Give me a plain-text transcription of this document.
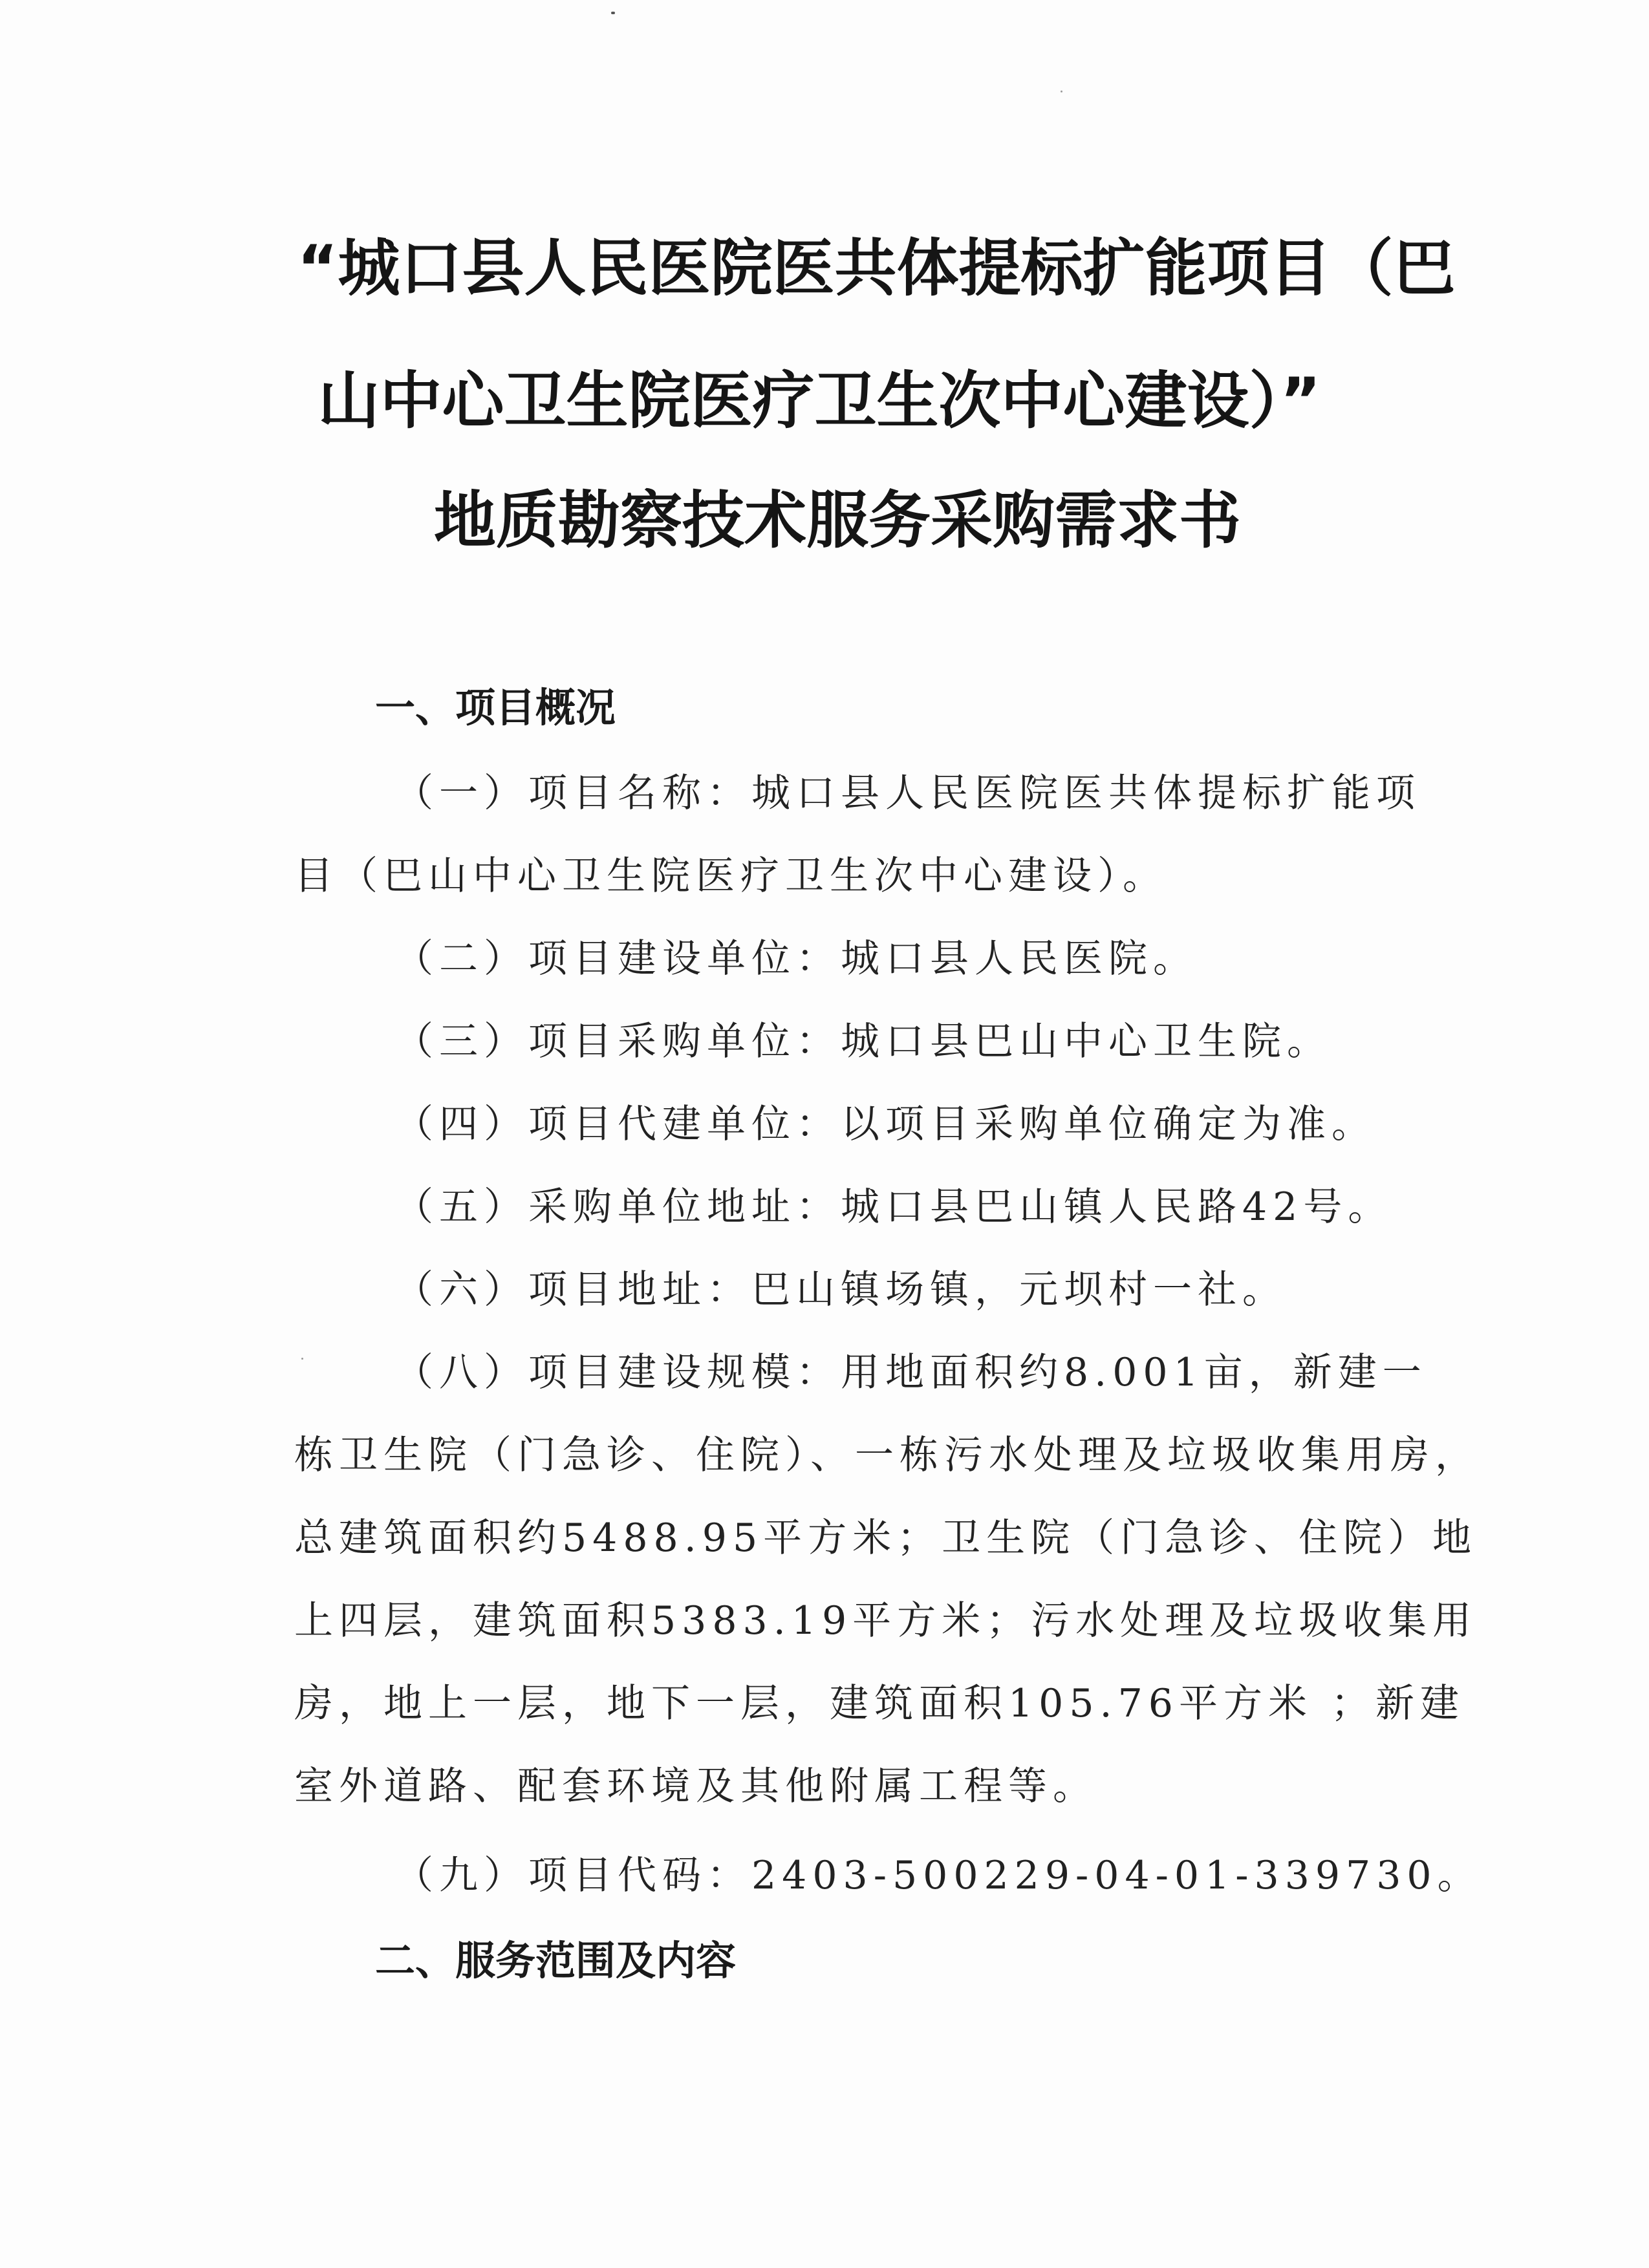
“城口县人民医院医共体提标扩能项目（巴
山中心卫生院医疗卫生次中心建设）”
地质勘察技术服务采购需求书
一、项目概况
（一）项目名称：城口县人民医院医共体提标扩能项
目（巴山中心卫生院医疗卫生次中心建设）。
（二）项目建设单位：城口县人民医院。
（三）项目采购单位：城口县巴山中心卫生院。
（四）项目代建单位：以项目采购单位确定为准。
（五）采购单位地址：城口县巴山镇人民路42号。
（六）项目地址：巴山镇场镇，元坝村一社。
（八）项目建设规模：用地面积约8.001亩，新建一
栋卫生院（门急诊、住院）、一栋污水处理及垃圾收集用房，
总建筑面积约5488.95平方米；卫生院（门急诊、住院）地
上四层，建筑面积5383.19平方米；污水处理及垃圾收集用
房，地上一层，地下一层，建筑面积105.76平方米 ；新建
室外道路、配套环境及其他附属工程等。
（九）项目代码：2403-500229-04-01-339730。
二、服务范围及内容
